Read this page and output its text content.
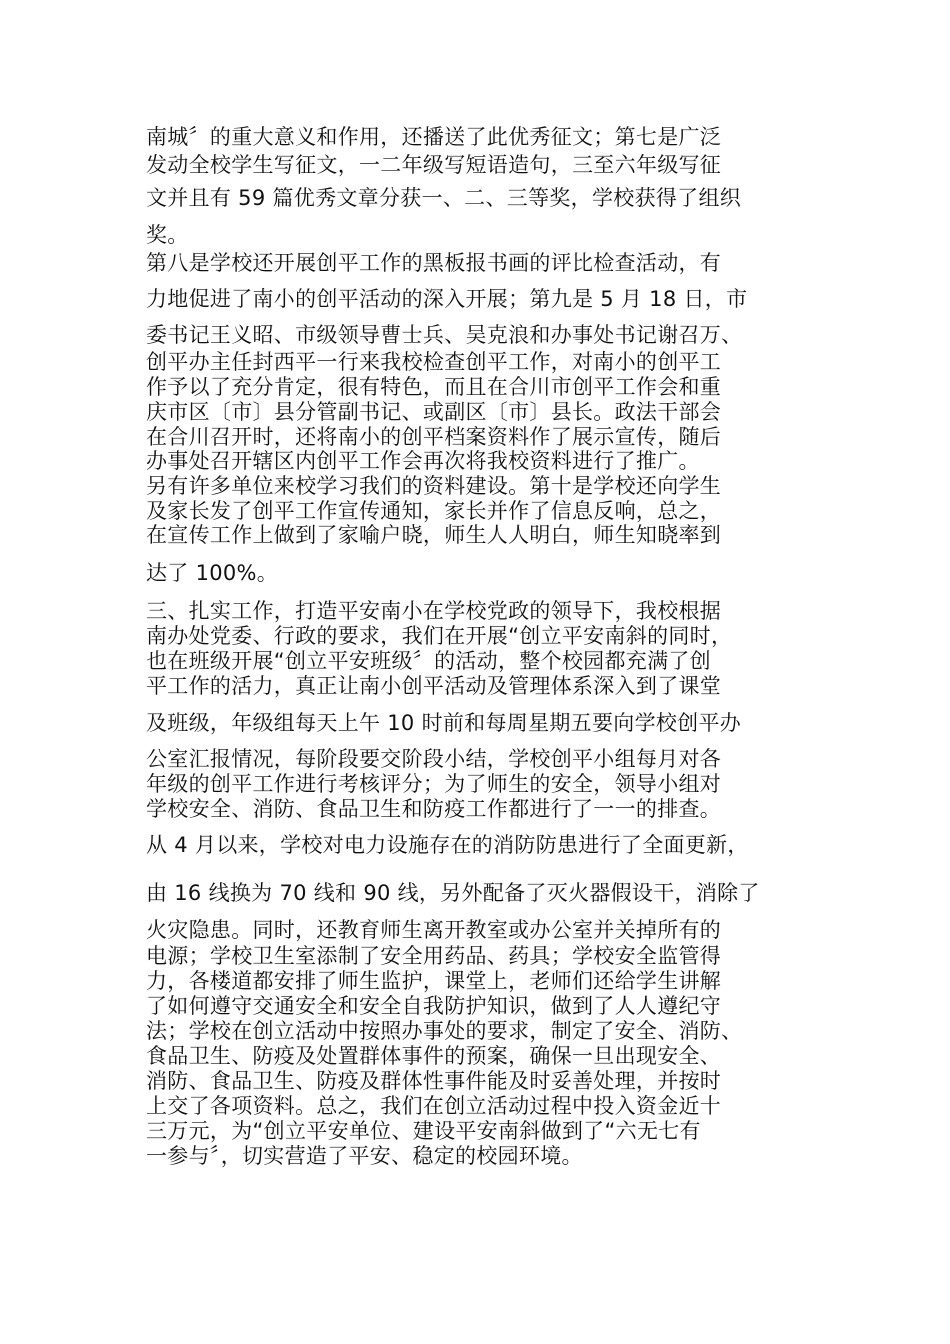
南城〞的重大意义和作用，还播送了此优秀征文；第七是广泛
发动全校学生写征文，一二年级写短语造句，三至六年级写征
文并且有 59 篇优秀文章分获一、二、三等奖，学校获得了组织
奖。
第八是学校还开展创平工作的黑板报书画的评比检查活动，有
力地促进了南小的创平活动的深入开展；第九是 5 月 18 日，市
委书记王义昭、市级领导曹士兵、吴克浪和办事处书记谢召万、
创平办主任封西平一行来我校检查创平工作，对南小的创平工
作予以了充分肯定，很有特色，而且在合川市创平工作会和重
庆市区〔市〕县分管副书记、或副区〔市〕县长。政法干部会
在合川召开时，还将南小的创平档案资料作了展示宣传，随后
办事处召开辖区内创平工作会再次将我校资料进行了推广。
另有许多单位来校学习我们的资料建设。第十是学校还向学生
及家长发了创平工作宣传通知，家长并作了信息反响，总之，
在宣传工作上做到了家喻户晓，师生人人明白，师生知晓率到
达了 100%。
三、扎实工作，打造平安南小在学校党政的领导下，我校根据
南办处党委、行政的要求，我们在开展“创立平安南斜的同时，
也在班级开展“创立平安班级〞的活动，整个校园都充满了创
平工作的活力，真正让南小创平活动及管理体系深入到了课堂
及班级，年级组每天上午 10 时前和每周星期五要向学校创平办
公室汇报情况，每阶段要交阶段小结，学校创平小组每月对各
年级的创平工作进行考核评分；为了师生的安全，领导小组对
学校安全、消防、食品卫生和防疫工作都进行了一一的排查。
从 4 月以来，学校对电力设施存在的消防防患进行了全面更新，
由 16 线换为 70 线和 90 线，另外配备了灭火器假设干，消除了
火灾隐患。同时，还教育师生离开教室或办公室并关掉所有的
电源；学校卫生室添制了安全用药品、药具；学校安全监管得
力，各楼道都安排了师生监护，课堂上，老师们还给学生讲解
了如何遵守交通安全和安全自我防护知识，做到了人人遵纪守
法；学校在创立活动中按照办事处的要求，制定了安全、消防、
食品卫生、防疫及处置群体事件的预案，确保一旦出现安全、
消防、食品卫生、防疫及群体性事件能及时妥善处理，并按时
上交了各项资料。总之，我们在创立活动过程中投入资金近十
三万元，为“创立平安单位、建设平安南斜做到了“六无七有
一参与〞，切实营造了平安、稳定的校园环境。
